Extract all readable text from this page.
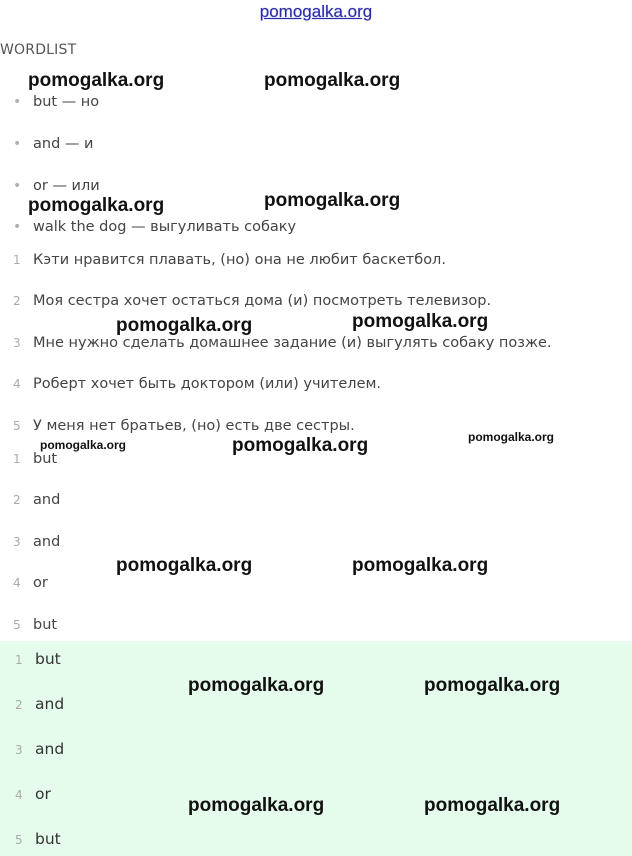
pomogalka.org
WORDLIST
• but — но
• and — и
• or — или
• walk the dog — выгуливать собаку
1 Кэти нравится плавать, (но) она не любит баскетбол.
2 Моя сестра хочет остаться дома (и) посмотреть телевизор.
3 Мне нужно сделать домашнее задание (и) выгулять собаку позже.
4 Роберт хочет быть доктором (или) учителем.
5 У меня нет братьев, (но) есть две сестры.
1 but
2 and
3 and
4 or
5 but
1 but
2 and
3 and
4 or
5 but
pomogalka.org	pomogalka.org
pomogalka.org	pomogalka.org
pomogalka.org	pomogalka.org
pomogalka.org	pomogalka.org	pomogalka.org
pomogalka.org	pomogalka.org
pomogalka.org	pomogalka.org
pomogalka.org	pomogalka.org
